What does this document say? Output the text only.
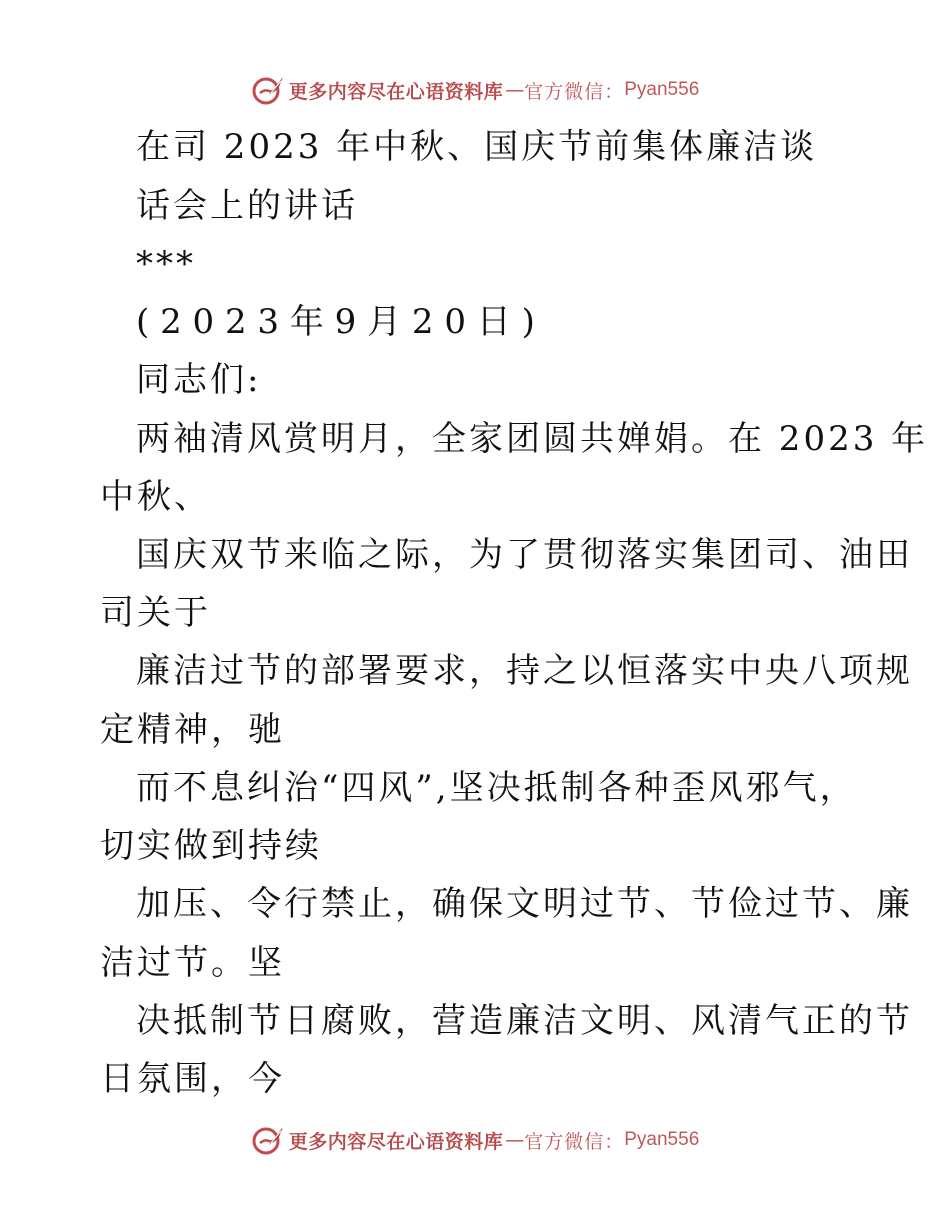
更多内容尽在心语资料库 — 官方微信： Pyan556
在司 2023 年中秋、国庆节前集体廉洁谈
话会上的讲话
***
( 2 0 2 3 年 9 月 2 0 日 )
同志们:
两袖清风赏明月，全家团圆共婵娟。在 2023 年
中秋、
国庆双节来临之际，为了贯彻落实集团司、油田
司关于
廉洁过节的部署要求，持之以恒落实中央八项规
定精神，驰
而不息纠治“四风”,坚决抵制各种歪风邪气，
切实做到持续
加压、令行禁止，确保文明过节、节俭过节、廉
洁过节。坚
决抵制节日腐败，营造廉洁文明、风清气正的节
日氛围，今
更多内容尽在心语资料库 — 官方微信： Pyan556
